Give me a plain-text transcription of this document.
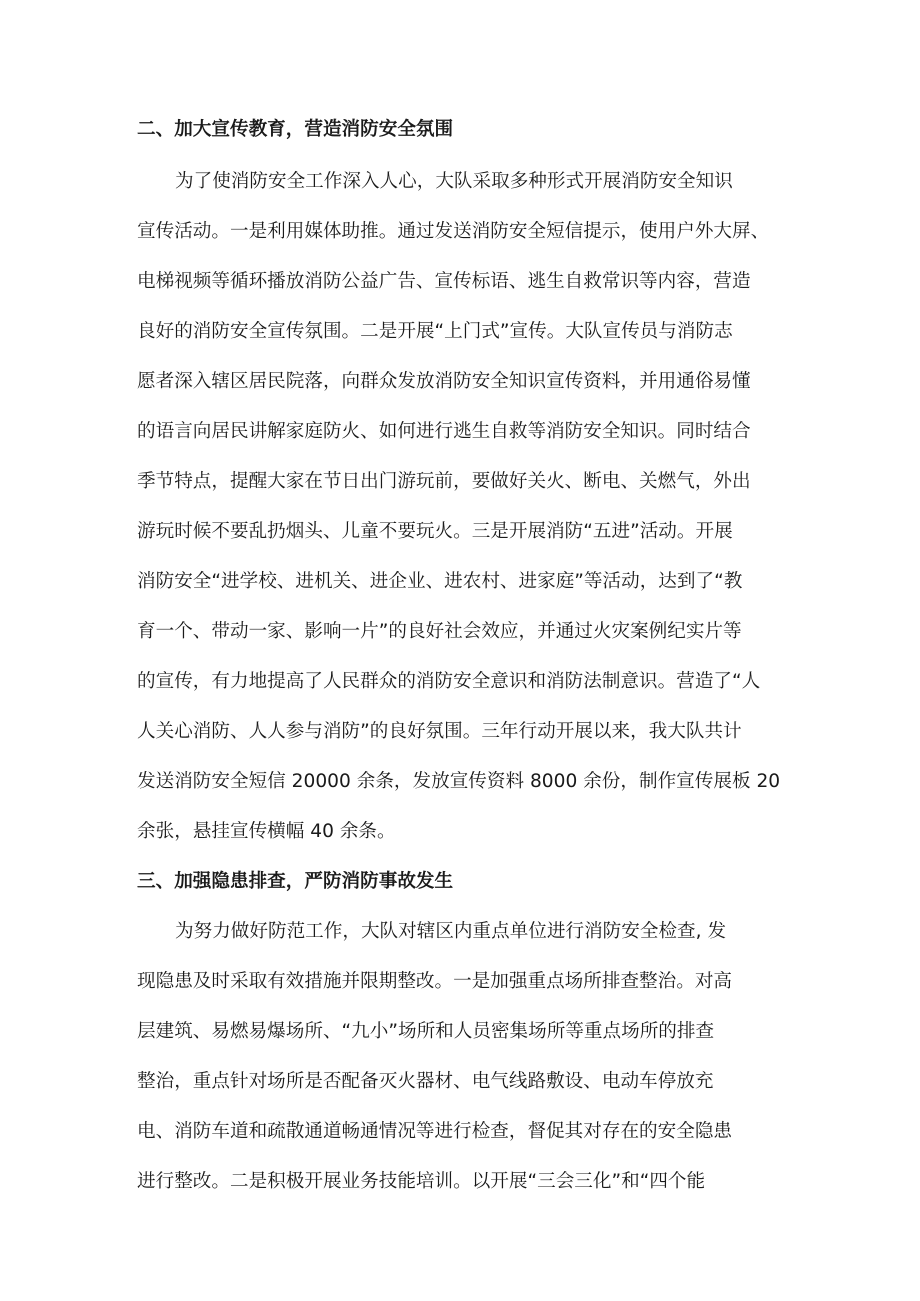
二、加大宣传教育，营造消防安全氛围
为了使消防安全工作深入人心，大队采取多种形式开展消防安全知识
宣传活动。一是利用媒体助推。通过发送消防安全短信提示，使用户外大屏、
电梯视频等循环播放消防公益广告、宣传标语、逃生自救常识等内容，营造
良好的消防安全宣传氛围。二是开展“上门式”宣传。大队宣传员与消防志
愿者深入辖区居民院落，向群众发放消防安全知识宣传资料，并用通俗易懂
的语言向居民讲解家庭防火、如何进行逃生自救等消防安全知识。同时结合
季节特点，提醒大家在节日出门游玩前，要做好关火、断电、关燃气，外出
游玩时候不要乱扔烟头、儿童不要玩火。三是开展消防“五进”活动。开展
消防安全“进学校、进机关、进企业、进农村、进家庭”等活动，达到了“教
育一个、带动一家、影响一片”的良好社会效应，并通过火灾案例纪实片等
的宣传，有力地提高了人民群众的消防安全意识和消防法制意识。营造了“人
人关心消防、人人参与消防”的良好氛围。三年行动开展以来，我大队共计
发送消防安全短信 20000 余条，发放宣传资料 8000 余份，制作宣传展板 20
余张，悬挂宣传横幅 40 余条。
三、加强隐患排查，严防消防事故发生
为努力做好防范工作，大队对辖区内重点单位进行消防安全检查, 发
现隐患及时采取有效措施并限期整改。一是加强重点场所排查整治。对高
层建筑、易燃易爆场所、“九小”场所和人员密集场所等重点场所的排查
整治，重点针对场所是否配备灭火器材、电气线路敷设、电动车停放充
电、消防车道和疏散通道畅通情况等进行检查，督促其对存在的安全隐患
进行整改。二是积极开展业务技能培训。以开展“三会三化”和“四个能
